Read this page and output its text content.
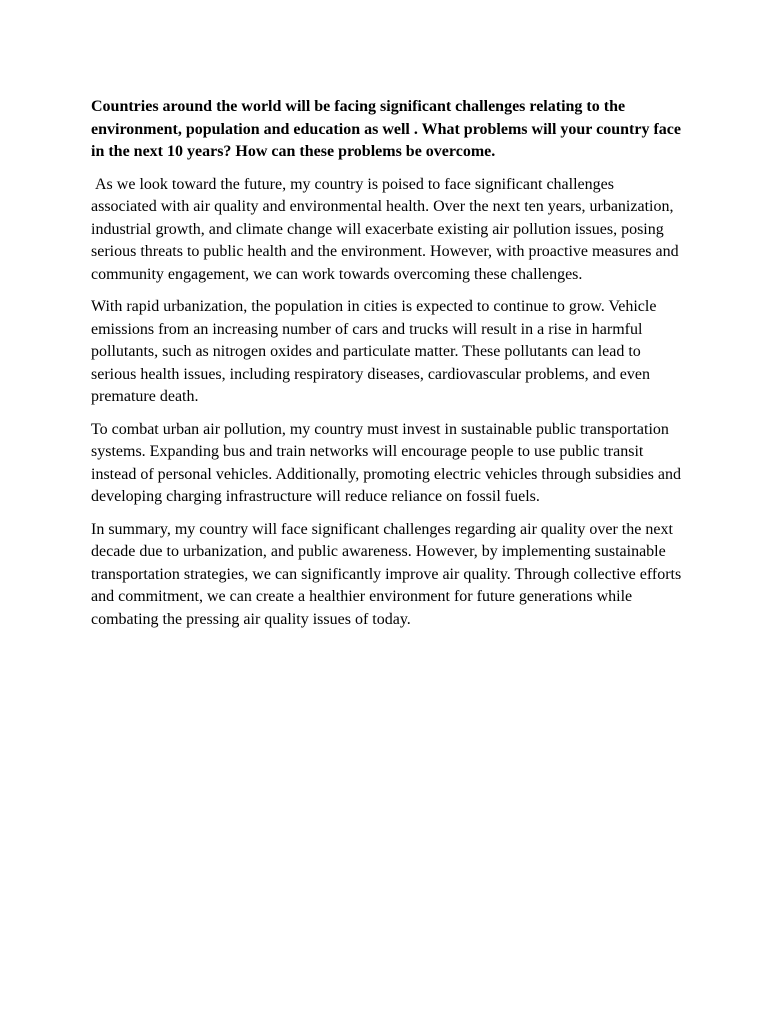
Countries around the world will be facing significant challenges relating to the environment, population and education as well . What problems will your country face in the next 10 years? How can these problems be overcome.

As we look toward the future, my country is poised to face significant challenges associated with air quality and environmental health. Over the next ten years, urbanization, industrial growth, and climate change will exacerbate existing air pollution issues, posing serious threats to public health and the environment. However, with proactive measures and community engagement, we can work towards overcoming these challenges.

With rapid urbanization, the population in cities is expected to continue to grow. Vehicle emissions from an increasing number of cars and trucks will result in a rise in harmful pollutants, such as nitrogen oxides and particulate matter. These pollutants can lead to serious health issues, including respiratory diseases, cardiovascular problems, and even premature death.

To combat urban air pollution, my country must invest in sustainable public transportation systems. Expanding bus and train networks will encourage people to use public transit instead of personal vehicles. Additionally, promoting electric vehicles through subsidies and developing charging infrastructure will reduce reliance on fossil fuels.

In summary, my country will face significant challenges regarding air quality over the next decade due to urbanization, and public awareness. However, by implementing sustainable transportation strategies, we can significantly improve air quality. Through collective efforts and commitment, we can create a healthier environment for future generations while combating the pressing air quality issues of today.
